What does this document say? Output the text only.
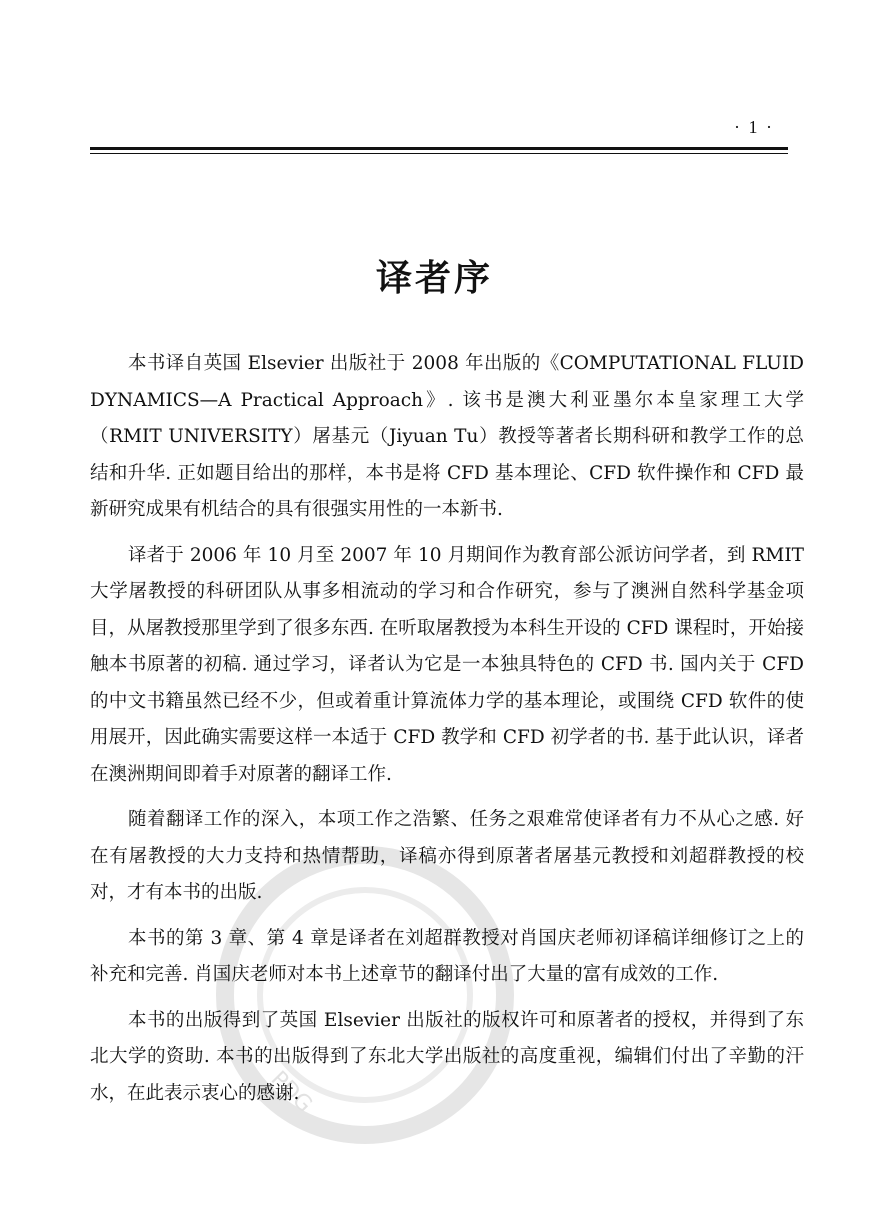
· 1 ·
PDG
译者序

本书译自英国 Elsevier 出版社于 2008 年出版的《COMPUTATIONAL FLUID DYNAMICS—A Practical Approach》. 该书是澳大利亚墨尔本皇家理工大学（RMIT UNIVERSITY）屠基元（Jiyuan Tu）教授等著者长期科研和教学工作的总结和升华. 正如题目给出的那样，本书是将 CFD 基本理论、CFD 软件操作和 CFD 最新研究成果有机结合的具有很强实用性的一本新书.

译者于 2006 年 10 月至 2007 年 10 月期间作为教育部公派访问学者，到 RMIT 大学屠教授的科研团队从事多相流动的学习和合作研究，参与了澳洲自然科学基金项目，从屠教授那里学到了很多东西. 在听取屠教授为本科生开设的 CFD 课程时，开始接触本书原著的初稿. 通过学习，译者认为它是一本独具特色的 CFD 书. 国内关于 CFD 的中文书籍虽然已经不少，但或着重计算流体力学的基本理论，或围绕 CFD 软件的使用展开，因此确实需要这样一本适于 CFD 教学和 CFD 初学者的书. 基于此认识，译者在澳洲期间即着手对原著的翻译工作.

随着翻译工作的深入，本项工作之浩繁、任务之艰难常使译者有力不从心之感. 好在有屠教授的大力支持和热情帮助，译稿亦得到原著者屠基元教授和刘超群教授的校对，才有本书的出版.

本书的第 3 章、第 4 章是译者在刘超群教授对肖国庆老师初译稿详细修订之上的补充和完善. 肖国庆老师对本书上述章节的翻译付出了大量的富有成效的工作.

本书的出版得到了英国 Elsevier 出版社的版权许可和原著者的授权，并得到了东北大学的资助. 本书的出版得到了东北大学出版社的高度重视，编辑们付出了辛勤的汗水，在此表示衷心的感谢.
